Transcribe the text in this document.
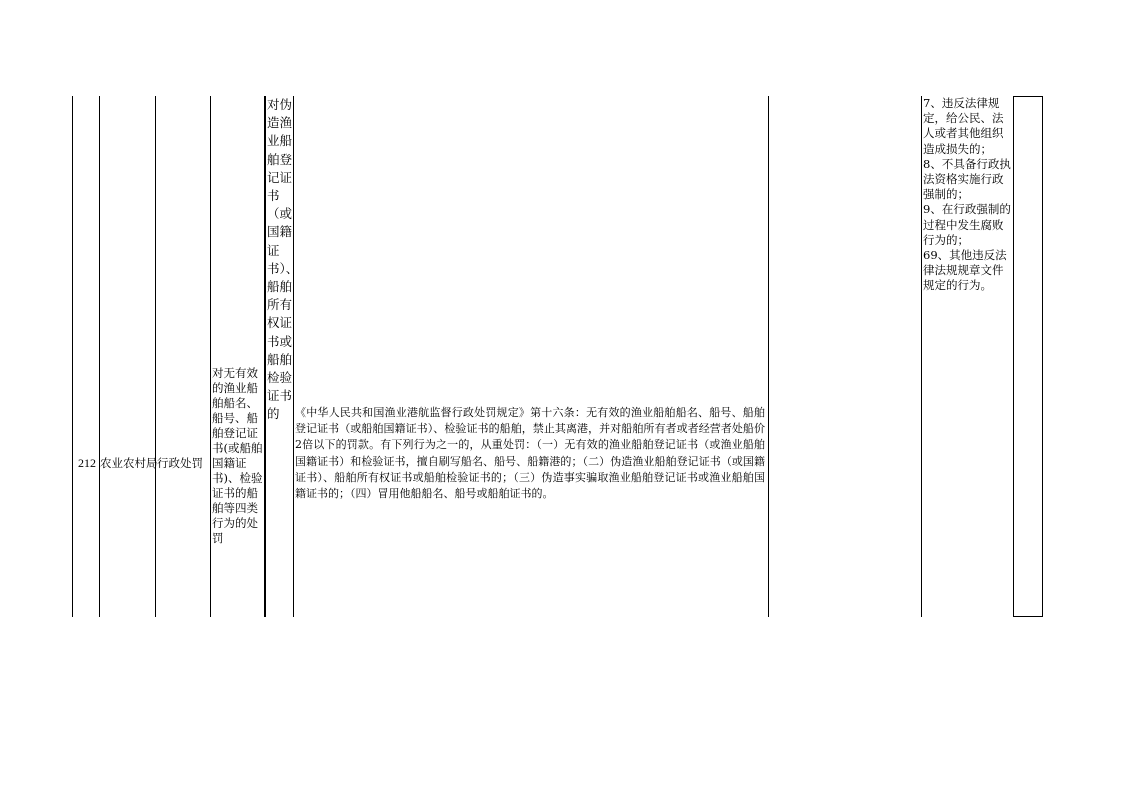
212 农业农村局 行政处罚
对无有效的渔业船舶船名、船号、船舶登记证书(或船舶国籍证书)、检验证书的船舶等四类行为的处罚
对伪造渔业船舶登记证书（或国籍证书）、船舶所有权证书或船舶检验证书的	《中华人民共和国渔业港航监督行政处罚规定》第十六条：无有效的渔业船舶船名、船号、船舶登记证书（或船舶国籍证书）、检验证书的船舶，禁止其离港，并对船舶所有者或者经营者处船价2倍以下的罚款。有下列行为之一的，从重处罚：（一）无有效的渔业船舶登记证书（或渔业船舶国籍证书）和检验证书，擅自刷写船名、船号、船籍港的；（二）伪造渔业船舶登记证书（或国籍证书）、船舶所有权证书或船舶检验证书的；（三）伪造事实骗取渔业船舶登记证书或渔业船舶国籍证书的；（四）冒用他船船名、船号或船舶证书的。
7、违反法律规定，给公民、法人或者其他组织造成损失的；
8、不具备行政执法资格实施行政强制的；
9、在行政强制的过程中发生腐败行为的；
69、其他违反法律法规规章文件规定的行为。
